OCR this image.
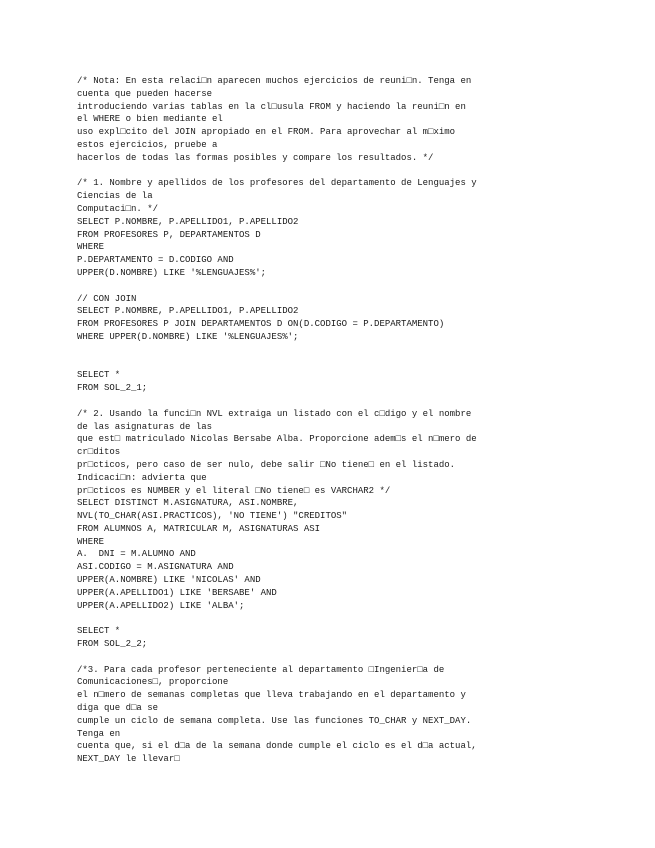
/* Nota: En esta relaci□n aparecen muchos ejercicios de reuni□n. Tenga en
cuenta que pueden hacerse
introduciendo varias tablas en la cl□usula FROM y haciendo la reuni□n en
el WHERE o bien mediante el
uso expl□cito del JOIN apropiado en el FROM. Para aprovechar al m□ximo
estos ejercicios, pruebe a
hacerlos de todas las formas posibles y compare los resultados. */
/* 1. Nombre y apellidos de los profesores del departamento de Lenguajes y
Ciencias de la
Computaci□n. */
SELECT P.NOMBRE, P.APELLIDO1, P.APELLIDO2
FROM PROFESORES P, DEPARTAMENTOS D
WHERE
P.DEPARTAMENTO = D.CODIGO AND
UPPER(D.NOMBRE) LIKE '%LENGUAJES%';
// CON JOIN
SELECT P.NOMBRE, P.APELLIDO1, P.APELLIDO2
FROM PROFESORES P JOIN DEPARTAMENTOS D ON(D.CODIGO = P.DEPARTAMENTO)
WHERE UPPER(D.NOMBRE) LIKE '%LENGUAJES%';
SELECT *
FROM SOL_2_1;
/* 2. Usando la funci□n NVL extraiga un listado con el c□digo y el nombre
de las asignaturas de las
que est□ matriculado Nicolas Bersabe Alba. Proporcione adem□s el n□mero de
cr□ditos
pr□cticos, pero caso de ser nulo, debe salir □No tiene□ en el listado.
Indicaci□n: advierta que
pr□cticos es NUMBER y el literal □No tiene□ es VARCHAR2 */
SELECT DISTINCT M.ASIGNATURA, ASI.NOMBRE,
NVL(TO_CHAR(ASI.PRACTICOS), 'NO TIENE') "CREDITOS"
FROM ALUMNOS A, MATRICULAR M, ASIGNATURAS ASI
WHERE
A.  DNI = M.ALUMNO AND
ASI.CODIGO = M.ASIGNATURA AND
UPPER(A.NOMBRE) LIKE 'NICOLAS' AND
UPPER(A.APELLIDO1) LIKE 'BERSABE' AND
UPPER(A.APELLIDO2) LIKE 'ALBA';
SELECT *
FROM SOL_2_2;
/*3. Para cada profesor perteneciente al departamento □Ingenier□a de
Comunicaciones□, proporcione
el n□mero de semanas completas que lleva trabajando en el departamento y
diga que d□a se
cumple un ciclo de semana completa. Use las funciones TO_CHAR y NEXT_DAY.
Tenga en
cuenta que, si el d□a de la semana donde cumple el ciclo es el d□a actual,
NEXT_DAY le llevar□
